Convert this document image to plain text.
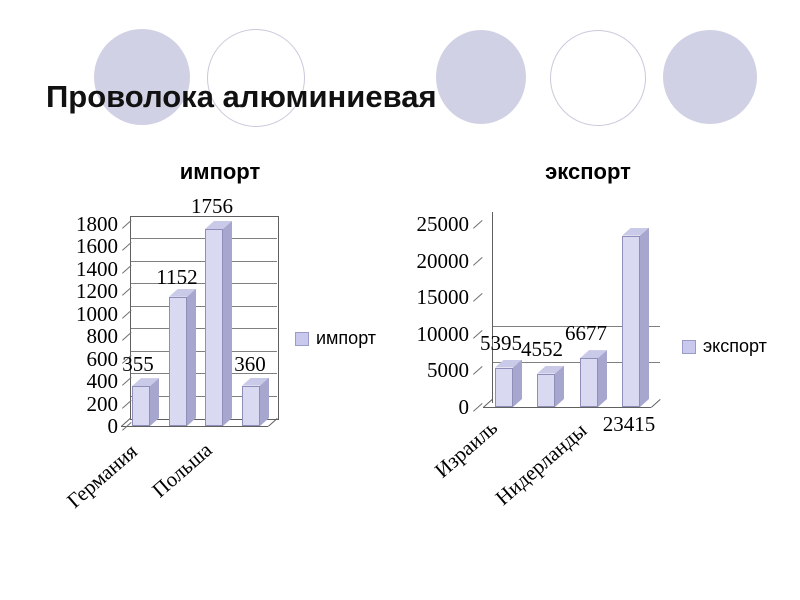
Проволока алюминиевая
импорт	экспорт
импорт	экспорт
0
200
400
600
800
1000
1200
1400
1600
1800
355
1152
1756
360
Германия Польша
0
5000
10000
15000
20000
25000
5395 4552
6677
23415
Израиль
Нидерланды
